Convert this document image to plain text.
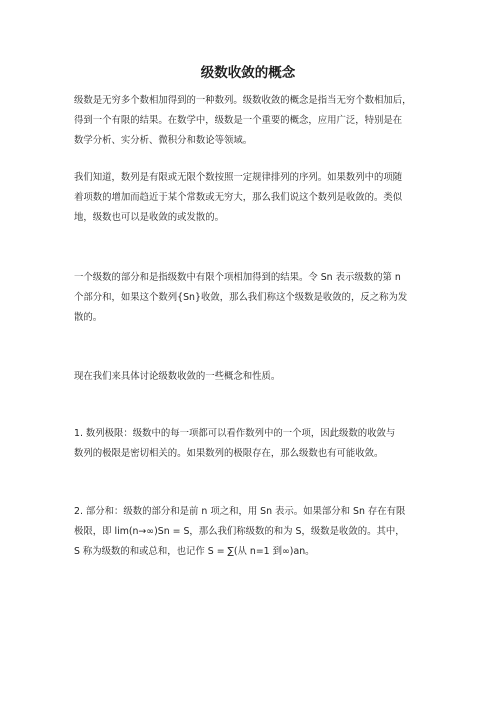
级数收敛的概念

级数是无穷多个数相加得到的一种数列。级数收敛的概念是指当无穷个数相加后，
得到一个有限的结果。在数学中，级数是一个重要的概念，应用广泛，特别是在
数学分析、实分析、微积分和数论等领域。

我们知道，数列是有限或无限个数按照一定规律排列的序列。如果数列中的项随
着项数的增加而趋近于某个常数或无穷大，那么我们说这个数列是收敛的。类似
地，级数也可以是收敛的或发散的。

一个级数的部分和是指级数中有限个项相加得到的结果。令 Sn 表示级数的第 n
个部分和，如果这个数列{Sn}收敛，那么我们称这个级数是收敛的，反之称为发
散的。

现在我们来具体讨论级数收敛的一些概念和性质。

1. 数列极限：级数中的每一项都可以看作数列中的一个项，因此级数的收敛与
数列的极限是密切相关的。如果数列的极限存在，那么级数也有可能收敛。

2. 部分和：级数的部分和是前 n 项之和，用 Sn 表示。如果部分和 Sn 存在有限
极限，即 lim(n→∞)Sn = S，那么我们称级数的和为 S，级数是收敛的。其中，
S 称为级数的和或总和，也记作 S = ∑(从 n=1 到∞)an。
